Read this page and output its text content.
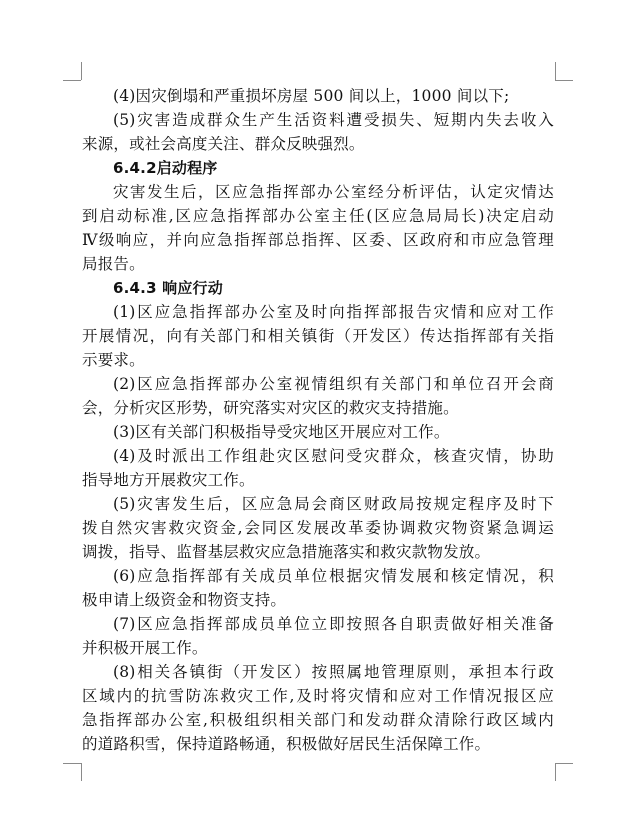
(4)因灾倒塌和严重损坏房屋 500 间以上，1000 间以下;
(5)灾害造成群众生产生活资料遭受损失、短期内失去收入
来源，或社会高度关注、群众反映强烈。
6.4.2启动程序
灾害发生后，区应急指挥部办公室经分析评估，认定灾情达
到启动标准,区应急指挥部办公室主任(区应急局局长)决定启动
Ⅳ级响应，并向应急指挥部总指挥、区委、区政府和市应急管理
局报告。
6.4.3 响应行动
(1)区应急指挥部办公室及时向指挥部报告灾情和应对工作
开展情况，向有关部门和相关镇街（开发区）传达指挥部有关指
示要求。
(2)区应急指挥部办公室视情组织有关部门和单位召开会商
会，分析灾区形势，研究落实对灾区的救灾支持措施。
(3)区有关部门积极指导受灾地区开展应对工作。
(4)及时派出工作组赴灾区慰问受灾群众，核查灾情，协助
指导地方开展救灾工作。
(5)灾害发生后，区应急局会商区财政局按规定程序及时下
拨自然灾害救灾资金,会同区发展改革委协调救灾物资紧急调运
调拨，指导、监督基层救灾应急措施落实和救灾款物发放。
(6)应急指挥部有关成员单位根据灾情发展和核定情况，积
极申请上级资金和物资支持。
(7)区应急指挥部成员单位立即按照各自职责做好相关准备
并积极开展工作。
(8)相关各镇街（开发区）按照属地管理原则，承担本行政
区域内的抗雪防冻救灾工作,及时将灾情和应对工作情况报区应
急指挥部办公室,积极组织相关部门和发动群众清除行政区域内
的道路积雪，保持道路畅通，积极做好居民生活保障工作。
